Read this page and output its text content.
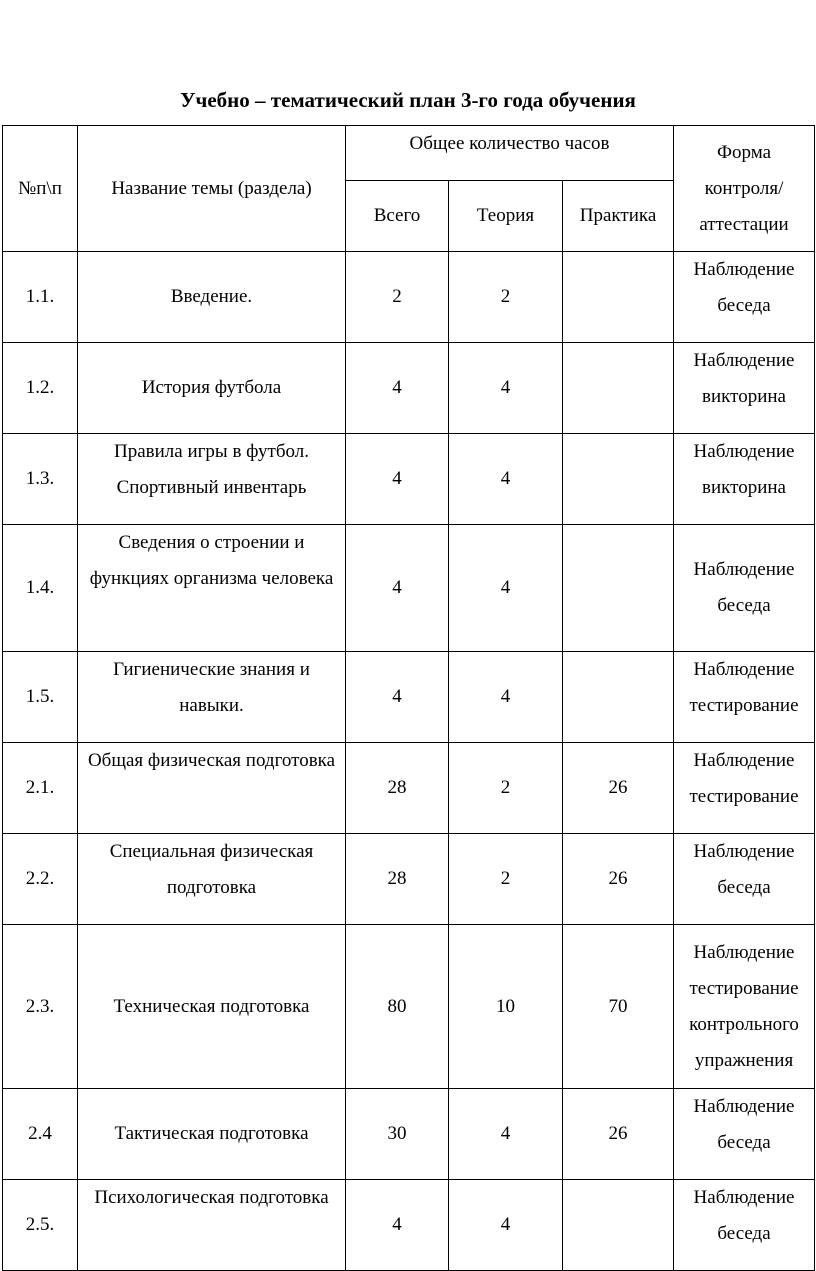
Учебно – тематический план 3-го года обучения
№п\п	Название темы (раздела)	Общее количество часов			Форма контроля/ аттестации
		Всего	Теория	Практика	
1.1.	Введение.	2	2		Наблюдение беседа
1.2.	История футбола	4	4		Наблюдение викторина
1.3.	Правила игры в футбол. Спортивный инвентарь	4	4		Наблюдение викторина
1.4.	Сведения о строении и функциях организма человека	4	4		Наблюдение беседа
1.5.	Гигиенические знания и навыки.	4	4		Наблюдение тестирование
2.1.	Общая физическая подготовка	28	2	26	Наблюдение тестирование
2.2.	Специальная физическая подготовка	28	2	26	Наблюдение беседа
2.3.	Техническая подготовка	80	10	70	Наблюдение тестирование контрольного упражнения
2.4	Тактическая подготовка	30	4	26	Наблюдение беседа
2.5.	Психологическая подготовка	4	4		Наблюдение беседа
